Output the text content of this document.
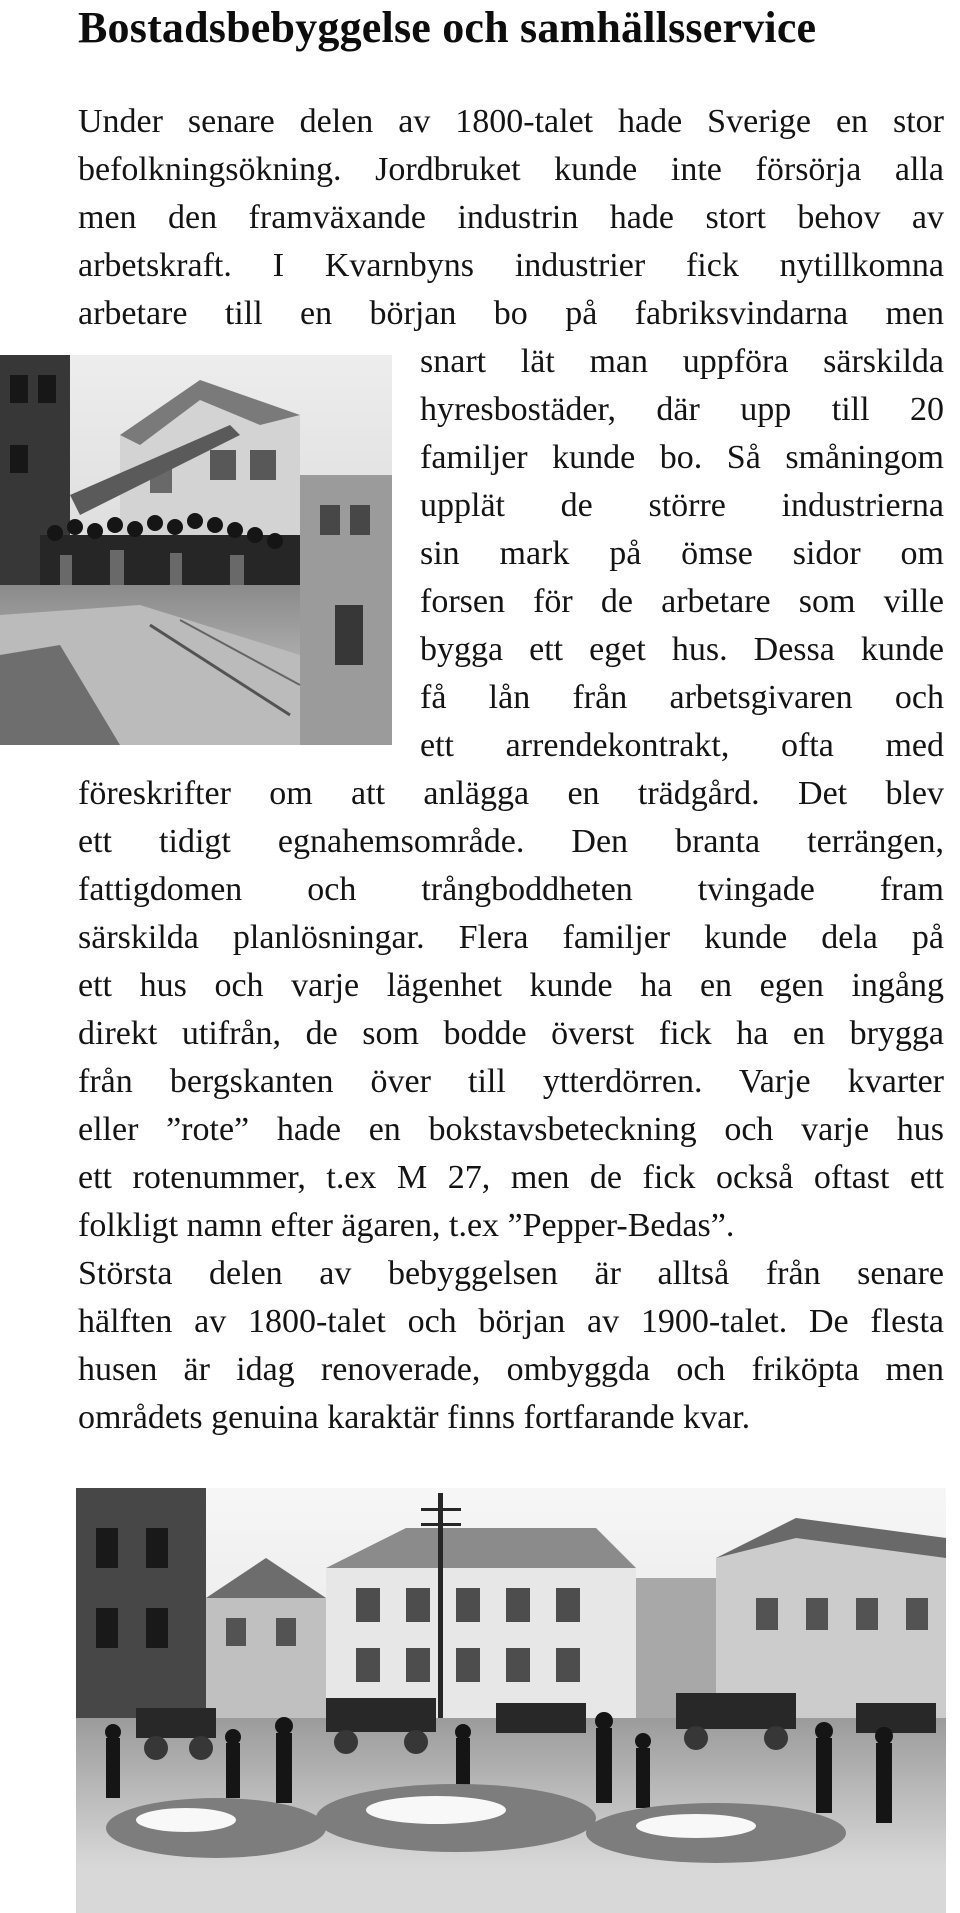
Bostadsbebyggelse och samhällsservice
Under senare delen av 1800-talet hade Sverige en stor
befolkningsökning. Jordbruket kunde inte försörja alla
men den framväxande industrin hade stort behov av
arbetskraft. I Kvarnbyns industrier fick nytillkomna
arbetare till en början bo på fabriksvindarna men
snart lät man uppföra särskilda
hyresbostäder, där upp till 20
familjer kunde bo. Så småningom
upplät de större industrierna
sin mark på ömse sidor om
forsen för de arbetare som ville
bygga ett eget hus. Dessa kunde
få lån från arbetsgivaren och
ett arrendekontrakt, ofta med
föreskrifter om att anlägga en trädgård. Det blev
ett tidigt egnahemsområde. Den branta terrängen,
fattigdomen och trångboddheten tvingade fram
särskilda planlösningar. Flera familjer kunde dela på
ett hus och varje lägenhet kunde ha en egen ingång
direkt utifrån, de som bodde överst fick ha en brygga
från bergskanten över till ytterdörren. Varje kvarter
eller ”rote” hade en bokstavsbeteckning och varje hus
ett rotenummer, t.ex M 27, men de fick också oftast ett
folkligt namn efter ägaren, t.ex ”Pepper-Bedas”.
Största delen av bebyggelsen är alltså från senare
hälften av 1800-talet och början av 1900-talet. De flesta
husen är idag renoverade, ombyggda och friköpta men
områdets genuina karaktär finns fortfarande kvar.
